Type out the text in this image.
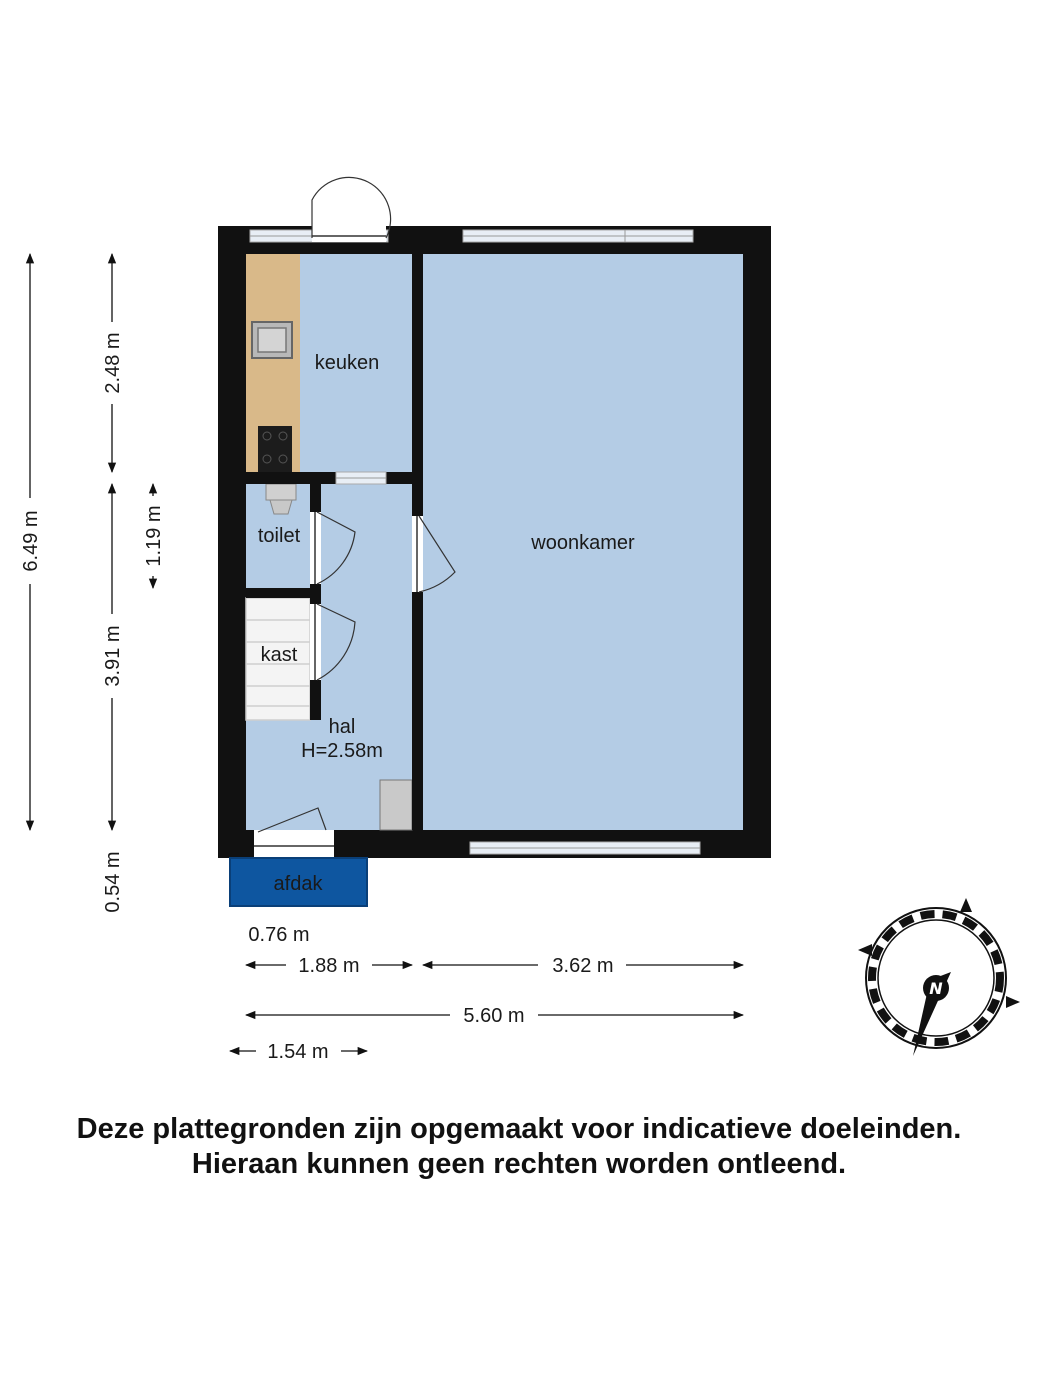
keuken
woonkamer
toilet
kast
hal
H=2.58m
afdak
6.49 m
2.48 m
3.91 m
1.19 m
0.54 m
0.76 m
1.88 m	3.62 m
5.60 m
1.54 m
N
Deze plattegronden zijn opgemaakt voor indicatieve doeleinden.
Hieraan kunnen geen rechten worden ontleend.
